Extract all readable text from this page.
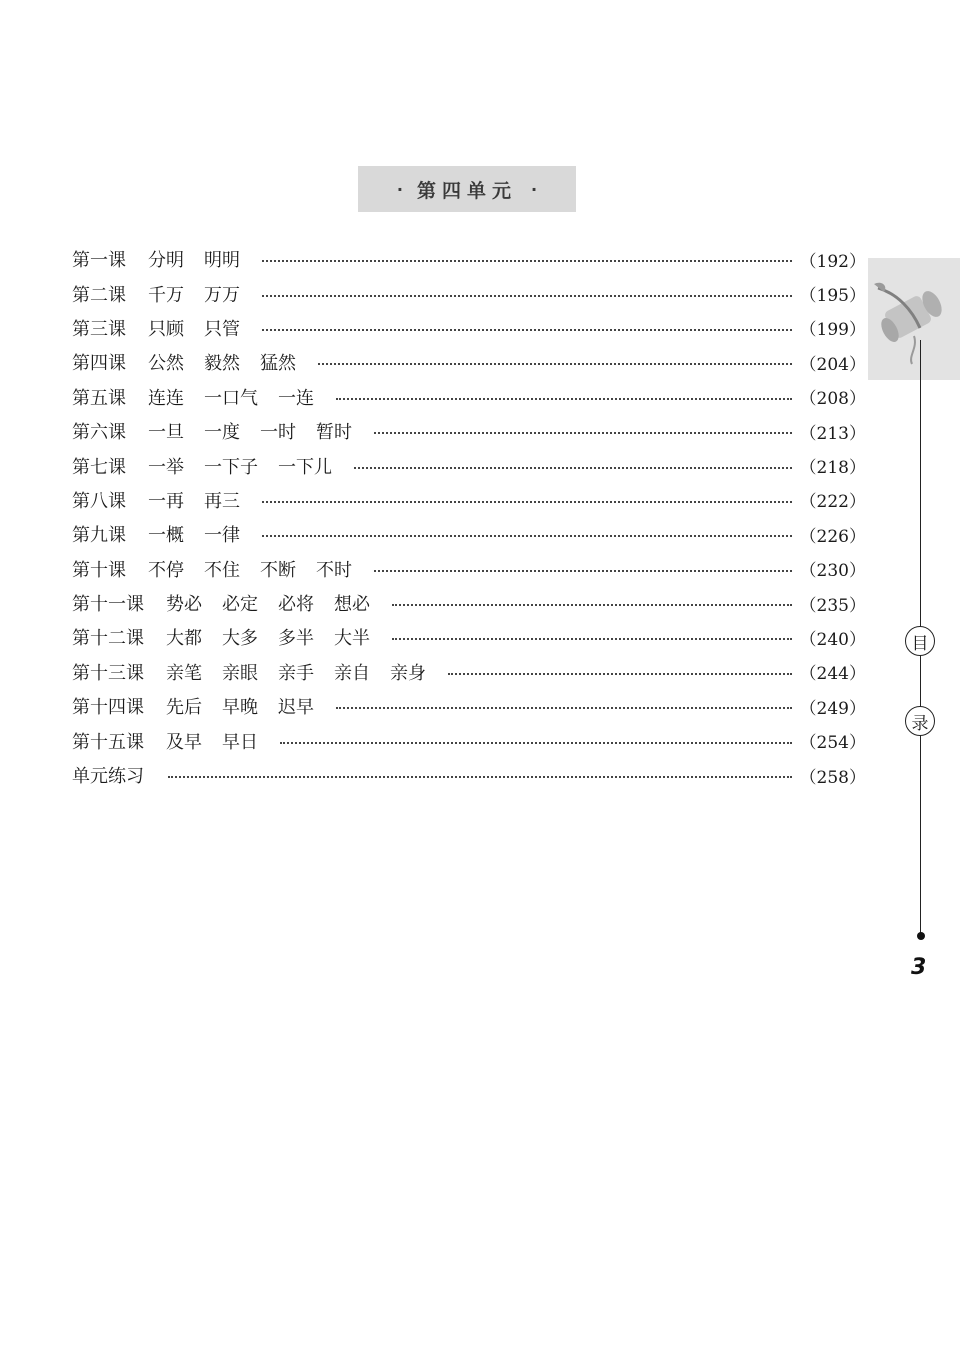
· 第四单元 ·
第一课 分明 明明	（192）
第二课 千万 万万	（195）
第三课 只顾 只管	（199）
第四课 公然 毅然 猛然	（204）
第五课 连连 一口气 一连	（208）
第六课 一旦 一度 一时 暂时	（213）
第七课 一举 一下子 一下儿	（218）
第八课 一再 再三	（222）
第九课 一概 一律	（226）
第十课 不停 不住 不断 不时	（230）
第十一课 势必 必定 必将 想必	（235）
第十二课 大都 大多 多半 大半	（240）
第十三课 亲笔 亲眼 亲手 亲自 亲身	（244）
第十四课 先后 早晚 迟早	（249）
第十五课 及早 早日	（254）
单元练习	（258）
目
录
3
